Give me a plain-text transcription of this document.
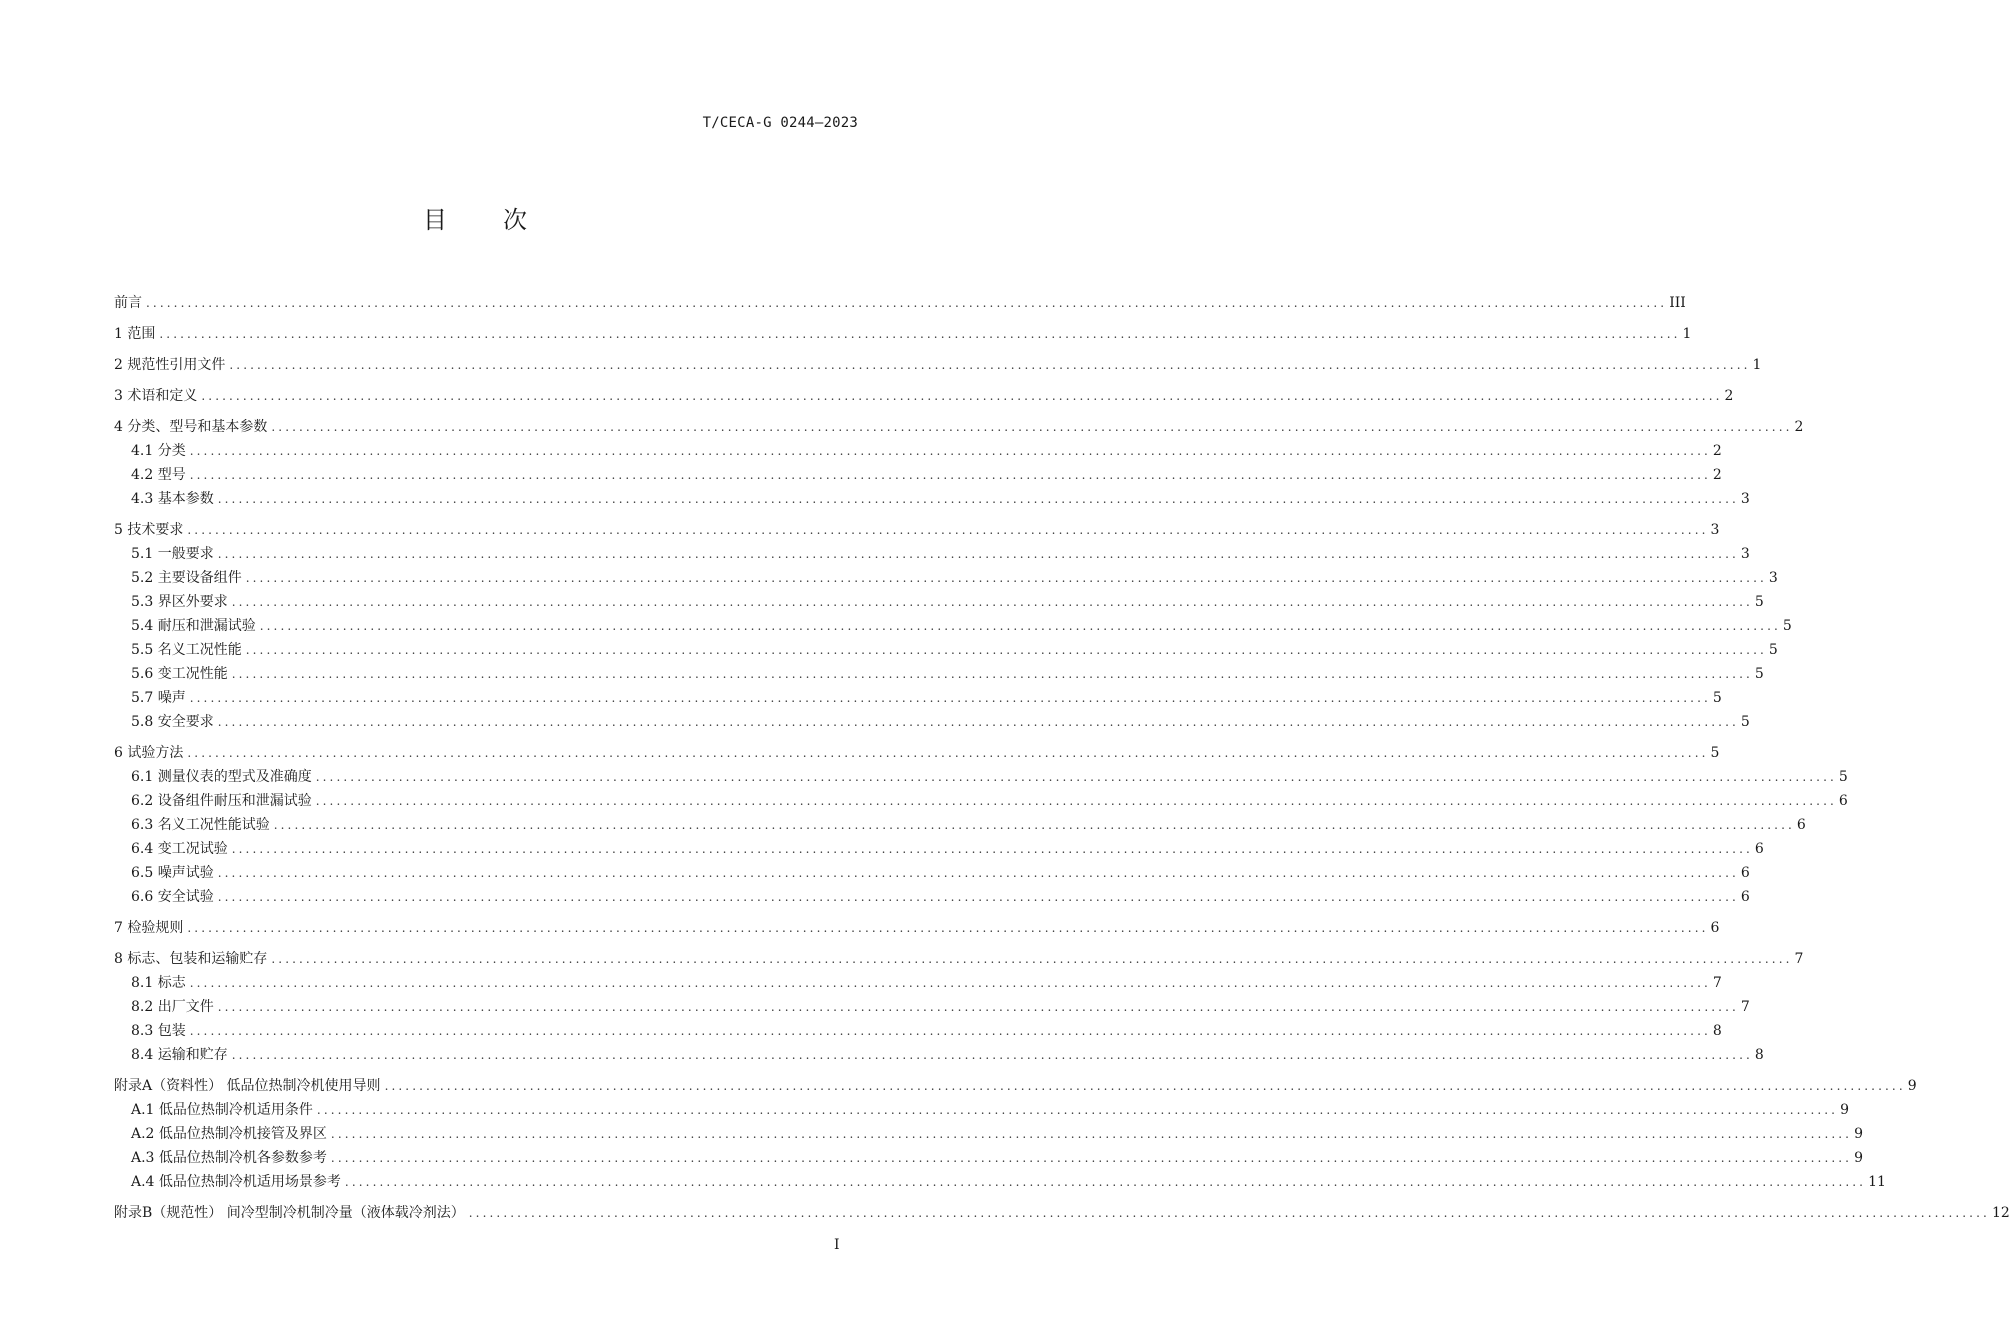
T/CECA-G 0244—2023
目次
前言 ............................................................................................................................................................................................................................ III
1 范围 ............................................................................................................................................................................................................................ 1
2 规范性引用文件 ............................................................................................................................................................................................................................ 1
3 术语和定义 ............................................................................................................................................................................................................................ 2
4 分类、型号和基本参数 ............................................................................................................................................................................................................................ 2
4.1 分类 ............................................................................................................................................................................................................................ 2
4.2 型号 ............................................................................................................................................................................................................................ 2
4.3 基本参数 ............................................................................................................................................................................................................................ 3
5 技术要求 ............................................................................................................................................................................................................................ 3
5.1 一般要求 ............................................................................................................................................................................................................................ 3
5.2 主要设备组件 ............................................................................................................................................................................................................................ 3
5.3 界区外要求 ............................................................................................................................................................................................................................ 5
5.4 耐压和泄漏试验 ............................................................................................................................................................................................................................ 5
5.5 名义工况性能 ............................................................................................................................................................................................................................ 5
5.6 变工况性能 ............................................................................................................................................................................................................................ 5
5.7 噪声 ............................................................................................................................................................................................................................ 5
5.8 安全要求 ............................................................................................................................................................................................................................ 5
6 试验方法 ............................................................................................................................................................................................................................ 5
6.1 测量仪表的型式及准确度 ............................................................................................................................................................................................................................ 5
6.2 设备组件耐压和泄漏试验 ............................................................................................................................................................................................................................ 6
6.3 名义工况性能试验 ............................................................................................................................................................................................................................ 6
6.4 变工况试验 ............................................................................................................................................................................................................................ 6
6.5 噪声试验 ............................................................................................................................................................................................................................ 6
6.6 安全试验 ............................................................................................................................................................................................................................ 6
7 检验规则 ............................................................................................................................................................................................................................ 6
8 标志、包装和运输贮存 ............................................................................................................................................................................................................................ 7
8.1 标志 ............................................................................................................................................................................................................................ 7
8.2 出厂文件 ............................................................................................................................................................................................................................ 7
8.3 包装 ............................................................................................................................................................................................................................ 8
8.4 运输和贮存 ............................................................................................................................................................................................................................ 8
附录A（资料性） 低品位热制冷机使用导则 ............................................................................................................................................................................................................................ 9
A.1 低品位热制冷机适用条件 ............................................................................................................................................................................................................................ 9
A.2 低品位热制冷机接管及界区 ............................................................................................................................................................................................................................ 9
A.3 低品位热制冷机各参数参考 ............................................................................................................................................................................................................................ 9
A.4 低品位热制冷机适用场景参考 ............................................................................................................................................................................................................................ 11
附录B（规范性） 间冷型制冷机制冷量（液体载冷剂法） ............................................................................................................................................................................................................................ 12
I
